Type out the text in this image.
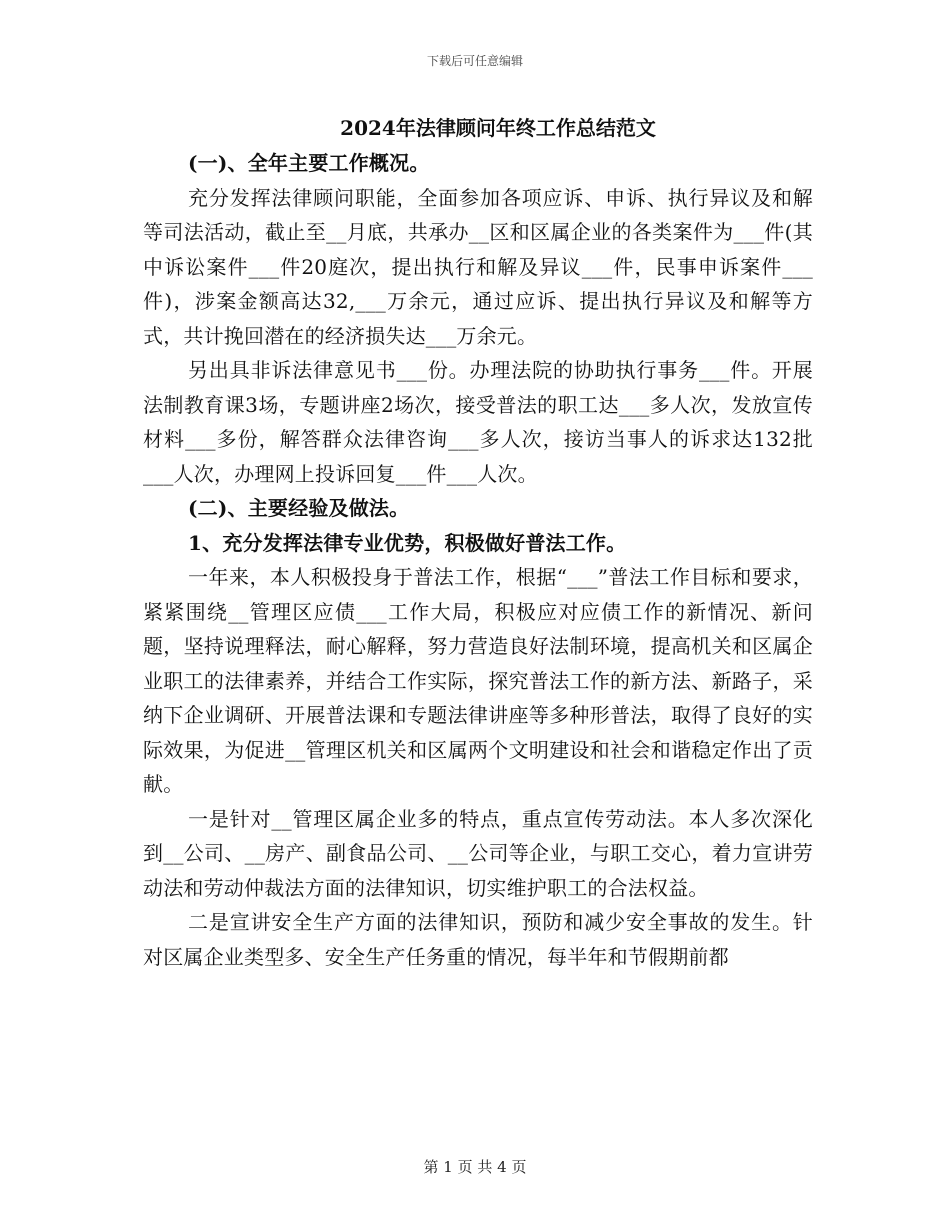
下载后可任意编辑
2024年法律顾问年终工作总结范文

(一)、全年主要工作概况。

充分发挥法律顾问职能，全面参加各项应诉、申诉、执行异议及和解等司法活动，截止至__月底，共承办__区和区属企业的各类案件为___件(其中诉讼案件___件20庭次，提出执行和解及异议___件，民事申诉案件___件)，涉案金额高达32,___万余元，通过应诉、提出执行异议及和解等方式，共计挽回潜在的经济损失达___万余元。

另出具非诉法律意见书___份。办理法院的协助执行事务___件。开展法制教育课3场，专题讲座2场次，接受普法的职工达___多人次，发放宣传材料___多份，解答群众法律咨询___多人次，接访当事人的诉求达132批___人次，办理网上投诉回复___件___人次。

(二)、主要经验及做法。

1、充分发挥法律专业优势，积极做好普法工作。

一年来，本人积极投身于普法工作，根据“___”普法工作目标和要求，紧紧围绕__管理区应债___工作大局，积极应对应债工作的新情况、新问题，坚持说理释法，耐心解释，努力营造良好法制环境，提高机关和区属企业职工的法律素养，并结合工作实际，探究普法工作的新方法、新路子，采纳下企业调研、开展普法课和专题法律讲座等多种形普法，取得了良好的实际效果，为促进__管理区机关和区属两个文明建设和社会和谐稳定作出了贡献。

一是针对__管理区属企业多的特点，重点宣传劳动法。本人多次深化到__公司、__房产、副食品公司、__公司等企业，与职工交心，着力宣讲劳动法和劳动仲裁法方面的法律知识，切实维护职工的合法权益。

二是宣讲安全生产方面的法律知识，预防和减少安全事故的发生。针对区属企业类型多、安全生产任务重的情况，每半年和节假期前都

第 1 页 共 4 页
